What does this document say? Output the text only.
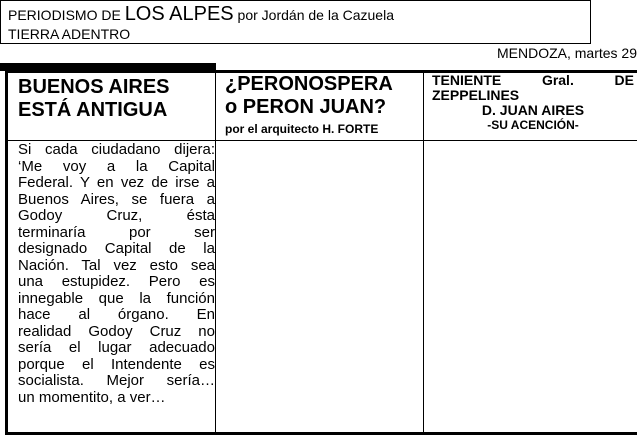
PERIODISMO DE LOS ALPES por Jordán de la Cazuela
TIERRA ADENTRO
MENDOZA, martes 29
BUENOS AIRES
ESTÁ ANTIGUA
¿PERONOSPERA
o PERON JUAN?
por el arquitecto H. FORTE
TENIENTE Gral. DE
ZEPPELINES
D. JUAN AIRES
-SU ACENCIÓN-
Si cada ciudadano dijera:
‘Me voy a la Capital
Federal. Y en vez de irse a
Buenos Aires, se fuera a
Godoy Cruz, ésta
terminaría por ser
designado Capital de la
Nación. Tal vez esto sea
una estupidez. Pero es
innegable que la función
hace al órgano. En
realidad Godoy Cruz no
sería el lugar adecuado
porque el Intendente es
socialista. Mejor sería…
un momentito, a ver…
